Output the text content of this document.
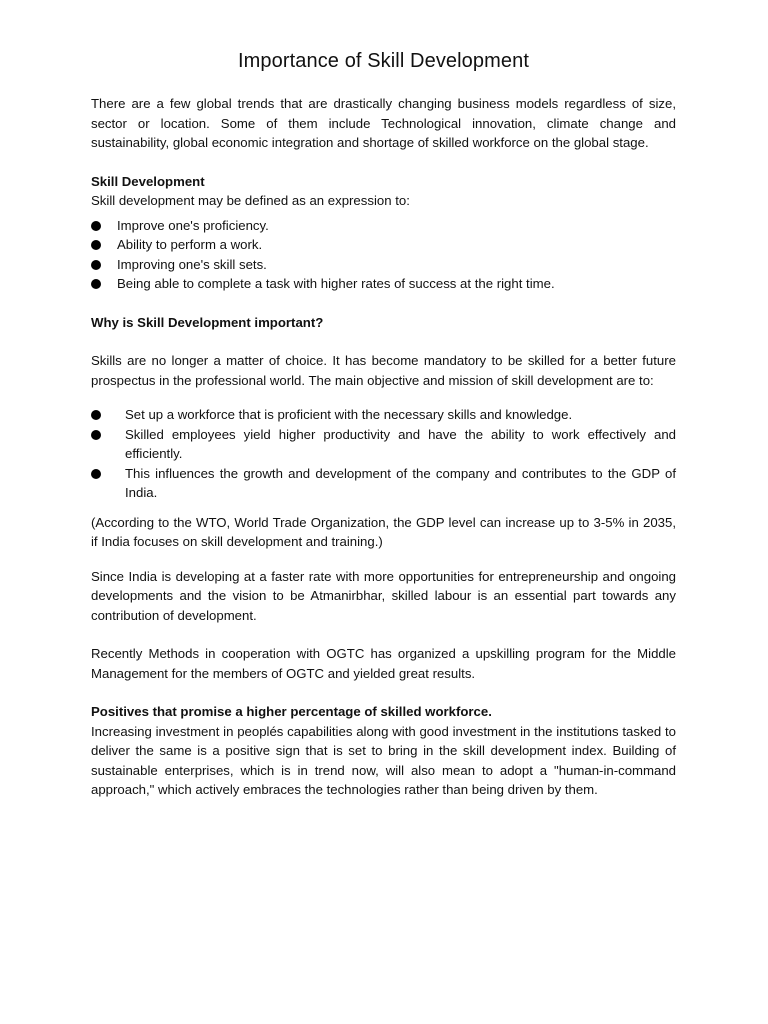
Importance of Skill Development

There are a few global trends that are drastically changing business models regardless of size, sector or location. Some of them include Technological innovation, climate change and sustainability, global economic integration and shortage of skilled workforce on the global stage.

Skill Development

Skill development may be defined as an expression to:

Improve one's proficiency.
Ability to perform a work.
Improving one's skill sets.
Being able to complete a task with higher rates of success at the right time.

Why is Skill Development important?

Skills are no longer a matter of choice. It has become mandatory to be skilled for a better future prospectus in the professional world. The main objective and mission of skill development are to:

Set up a workforce that is proficient with the necessary skills and knowledge.
Skilled employees yield higher productivity and have the ability to work effectively and efficiently.
This influences the growth and development of the company and contributes to the GDP of India.

(According to the WTO, World Trade Organization, the GDP level can increase up to 3-5% in 2035, if India focuses on skill development and training.)

Since India is developing at a faster rate with more opportunities for entrepreneurship and ongoing developments and the vision to be Atmanirbhar, skilled labour is an essential part towards any contribution of development.

Recently Methods in cooperation with OGTC has organized a upskilling program for the Middle Management for the members of OGTC and yielded great results.

Positives that promise a higher percentage of skilled workforce.

Increasing investment in peoplés capabilities along with good investment in the institutions tasked to deliver the same is a positive sign that is set to bring in the skill development index. Building of sustainable enterprises, which is in trend now, will also mean to adopt a "human-in-command approach," which actively embraces the technologies rather than being driven by them.
